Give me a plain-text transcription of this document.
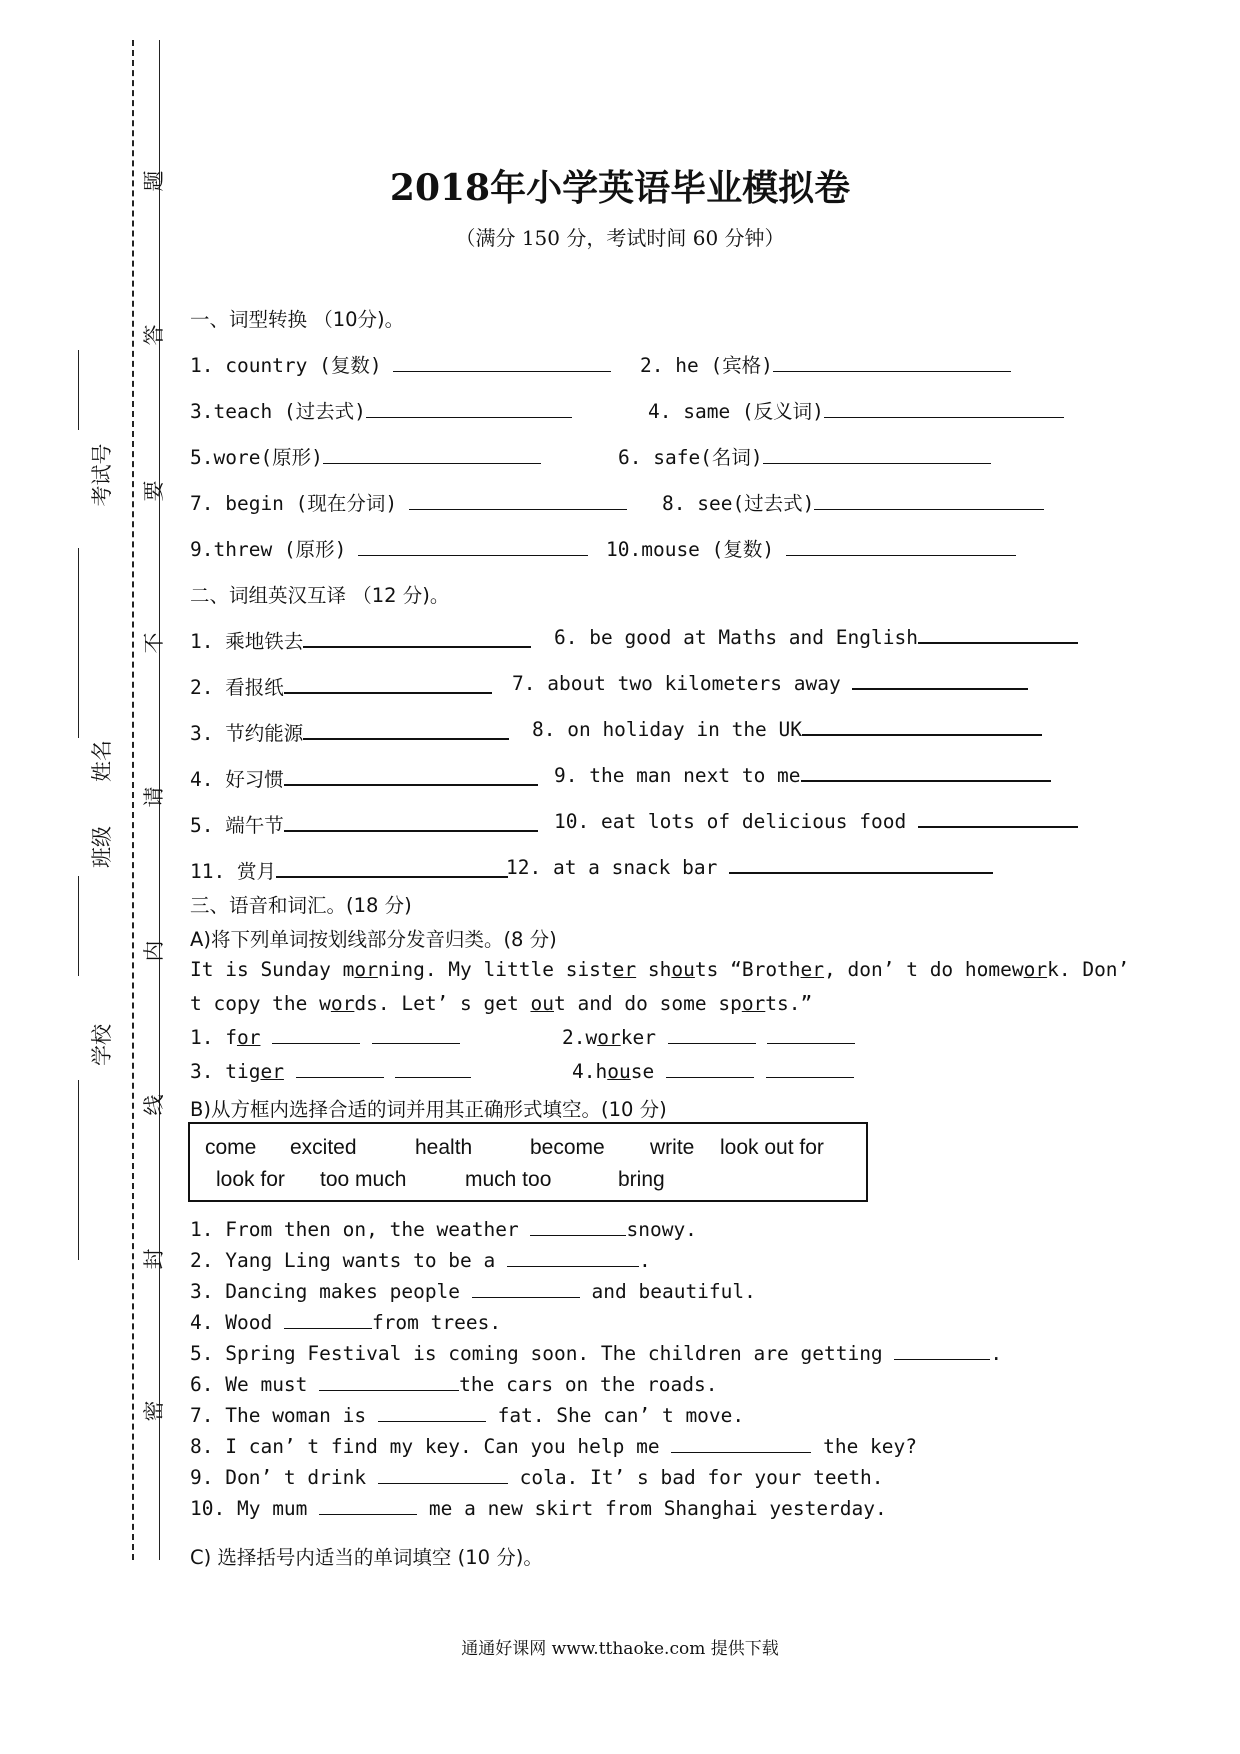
题
答
要
不
请
内
线
封
密
考试号
姓名
班级
学校
2018年小学英语毕业模拟卷
（满分 150 分，考试时间 60 分钟）
一、词型转换 （10分)。
1. country (复数)	2. he (宾格)
3.teach (过去式)	4. same (反义词)
5.wore(原形)	6. safe(名词)
7. begin (现在分词)	8. see(过去式)
9.threw (原形)	10.mouse (复数)
二、词组英汉互译 （12 分)。
1. 乘地铁去	6. be good at Maths and English
2. 看报纸	7. about two kilometers away
3. 节约能源	8. on holiday in the UK
4. 好习惯	9. the man next to me
5. 端午节	10. eat lots of delicious food
11. 赏月	12. at a snack bar
三、语音和词汇。(18 分)
A)将下列单词按划线部分发音归类。(8 分)
It is Sunday morning. My little sister shouts “Brother, don’ t do homework. Don’
t copy the words. Let’ s get out and do some sports.”
1. for	2.worker
3. tiger	4.house
B)从方框内选择合适的词并用其正确形式填空。(10 分)
come excited	health	become write look out for
look for too much	much too	bring
1. From then on, the weather	snowy.
2. Yang Ling wants to be a	.
3. Dancing makes people	and beautiful.
4. Wood	from trees.
5. Spring Festival is coming soon. The children are getting	.
6. We must	the cars on the roads.
7. The woman is	fat. She can’ t move.
8. I can’ t find my key. Can you help me	the key?
9. Don’ t drink	cola. It’ s bad for your teeth.
10. My mum	me a new skirt from Shanghai yesterday.
C) 选择括号内适当的单词填空 (10 分)。
通通好课网 www.tthaoke.com 提供下载
